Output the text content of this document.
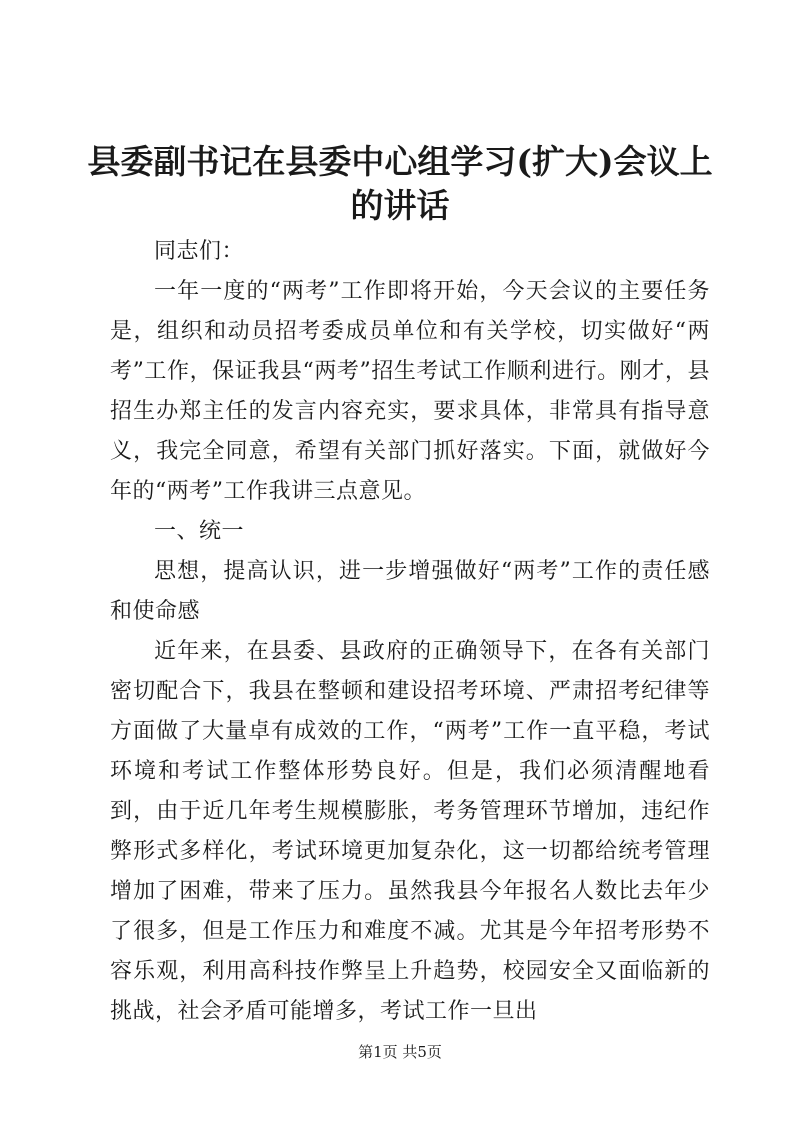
县委副书记在县委中心组学习(扩大)会议上的讲话

同志们：

一年一度的“两考”工作即将开始，今天会议的主要任务是，组织和动员招考委成员单位和有关学校，切实做好“两考”工作，保证我县“两考”招生考试工作顺利进行。刚才，县招生办郑主任的发言内容充实，要求具体，非常具有指导意义，我完全同意，希望有关部门抓好落实。下面，就做好今年的“两考”工作我讲三点意见。

一、统一

思想，提高认识，进一步增强做好“两考”工作的责任感和使命感

近年来，在县委、县政府的正确领导下，在各有关部门密切配合下，我县在整顿和建设招考环境、严肃招考纪律等方面做了大量卓有成效的工作，“两考”工作一直平稳，考试环境和考试工作整体形势良好。但是，我们必须清醒地看到，由于近几年考生规模膨胀，考务管理环节增加，违纪作弊形式多样化，考试环境更加复杂化，这一切都给统考管理增加了困难，带来了压力。虽然我县今年报名人数比去年少了很多，但是工作压力和难度不减。尤其是今年招考形势不容乐观，利用高科技作弊呈上升趋势，校园安全又面临新的挑战，社会矛盾可能增多，考试工作一旦出

第1页 共5页
